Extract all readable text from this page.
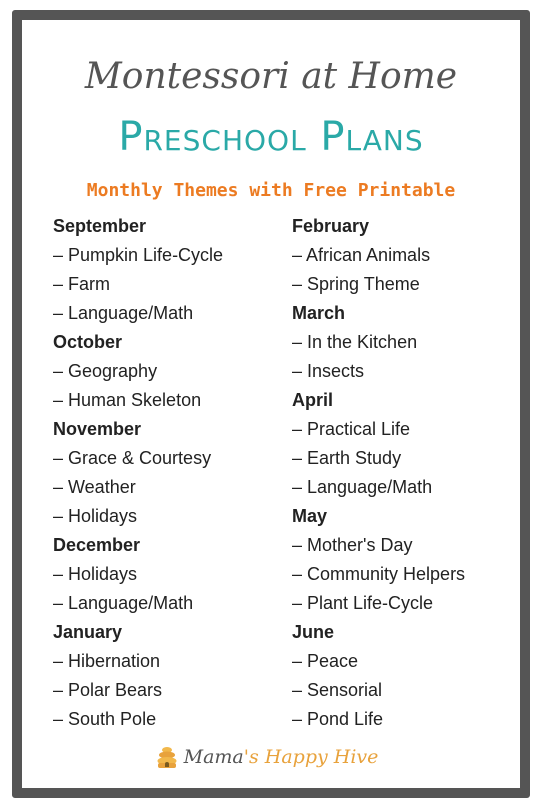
Montessori at Home
Preschool Plans
Monthly Themes with Free Printable
September
– Pumpkin Life-Cycle
– Farm
– Language/Math
October
– Geography
– Human Skeleton
November
– Grace & Courtesy
– Weather
– Holidays
December
– Holidays
– Language/Math
January
– Hibernation
– Polar Bears
– South Pole
February
– African Animals
– Spring Theme
March
– In the Kitchen
– Insects
April
– Practical Life
– Earth Study
– Language/Math
May
– Mother's Day
– Community Helpers
– Plant Life-Cycle
June
– Peace
– Sensorial
– Pond Life
Mama 's Happy Hive
